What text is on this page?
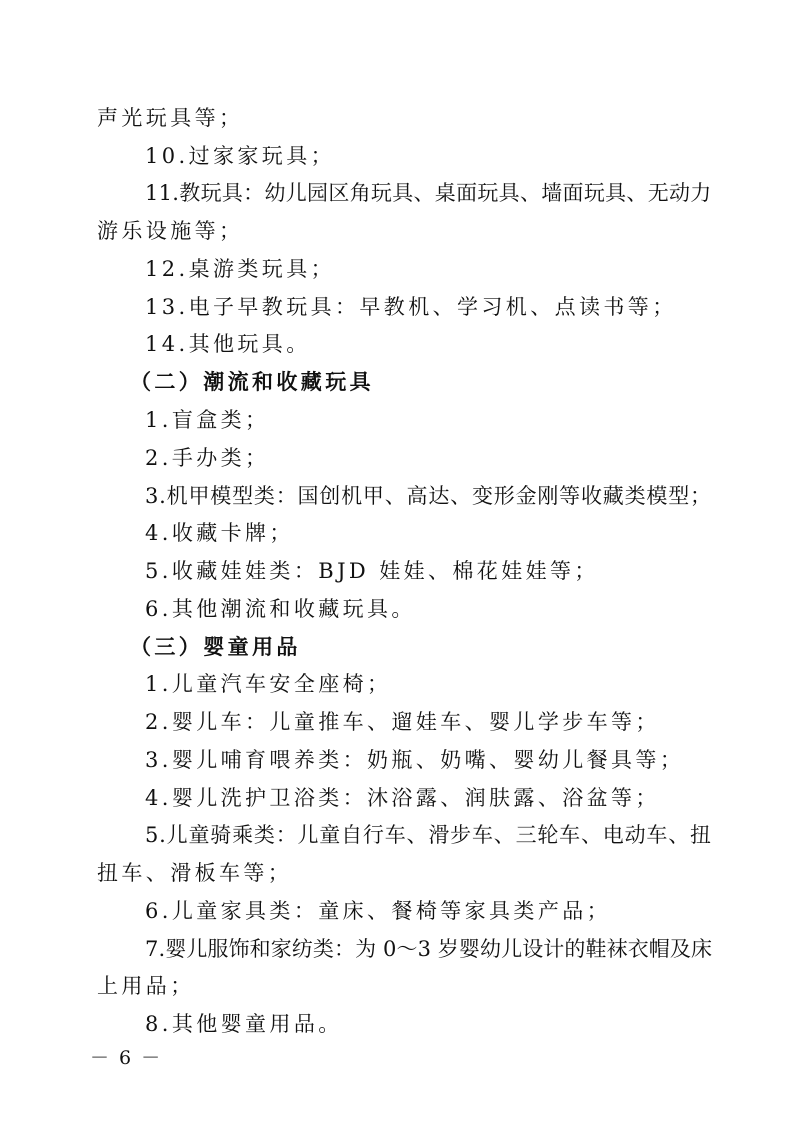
声光玩具等；
10.过家家玩具；
11.教玩具：幼儿园区角玩具、桌面玩具、墙面玩具、无动力
游乐设施等；
12.桌游类玩具；
13.电子早教玩具：早教机、学习机、点读书等；
14.其他玩具。
（二）潮流和收藏玩具
1.盲盒类；
2.手办类；
3.机甲模型类：国创机甲、高达、变形金刚等收藏类模型；
4.收藏卡牌；
5.收藏娃娃类：BJD 娃娃、棉花娃娃等；
6.其他潮流和收藏玩具。
（三）婴童用品
1.儿童汽车安全座椅；
2.婴儿车：儿童推车、遛娃车、婴儿学步车等；
3.婴儿哺育喂养类：奶瓶、奶嘴、婴幼儿餐具等；
4.婴儿洗护卫浴类：沐浴露、润肤露、浴盆等；
5.儿童骑乘类：儿童自行车、滑步车、三轮车、电动车、扭
扭车、滑板车等；
6.儿童家具类：童床、餐椅等家具类产品；
7.婴儿服饰和家纺类：为 0～3 岁婴幼儿设计的鞋袜衣帽及床
上用品；
8.其他婴童用品。
－ 6 －
